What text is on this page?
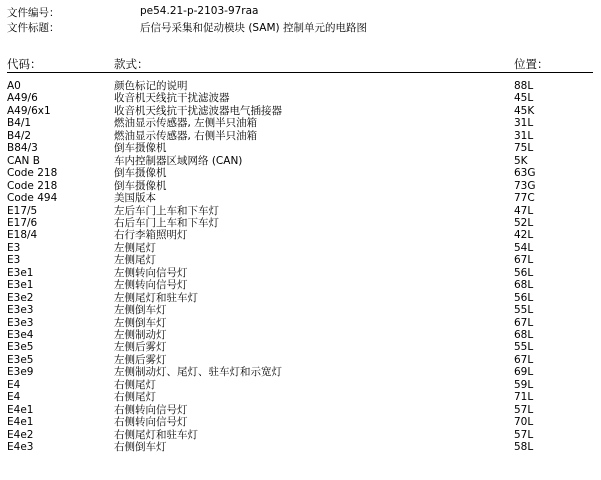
文件编号：	pe54.21-p-2103-97raa
文件标题：	后信号采集和促动模块 (SAM) 控制单元的电路图
代码：	款式：	位置：
A0	颜色标记的说明	88L
A49/6	收音机天线抗干扰滤波器	45L
A49/6x1	收音机天线抗干扰滤波器电气插接器	45K
B4/1	燃油显示传感器, 左侧半只油箱	31L
B4/2	燃油显示传感器, 右侧半只油箱	31L
B84/3	倒车摄像机	75L
CAN B	车内控制器区域网络 (CAN)	5K
Code 218	倒车摄像机	63G
Code 218	倒车摄像机	73G
Code 494	美国版本	77C
E17/5	左后车门上车和下车灯	47L
E17/6	右后车门上车和下车灯	52L
E18/4	右行李箱照明灯	42L
E3	左侧尾灯	54L
E3	左侧尾灯	67L
E3e1	左侧转向信号灯	56L
E3e1	左侧转向信号灯	68L
E3e2	左侧尾灯和驻车灯	56L
E3e3	左侧倒车灯	55L
E3e3	左侧倒车灯	67L
E3e4	左侧制动灯	68L
E3e5	左侧后雾灯	55L
E3e5	左侧后雾灯	67L
E3e9	左侧制动灯、尾灯、驻车灯和示宽灯	69L
E4	右侧尾灯	59L
E4	右侧尾灯	71L
E4e1	右侧转向信号灯	57L
E4e1	右侧转向信号灯	70L
E4e2	右侧尾灯和驻车灯	57L
E4e3	右侧倒车灯	58L
